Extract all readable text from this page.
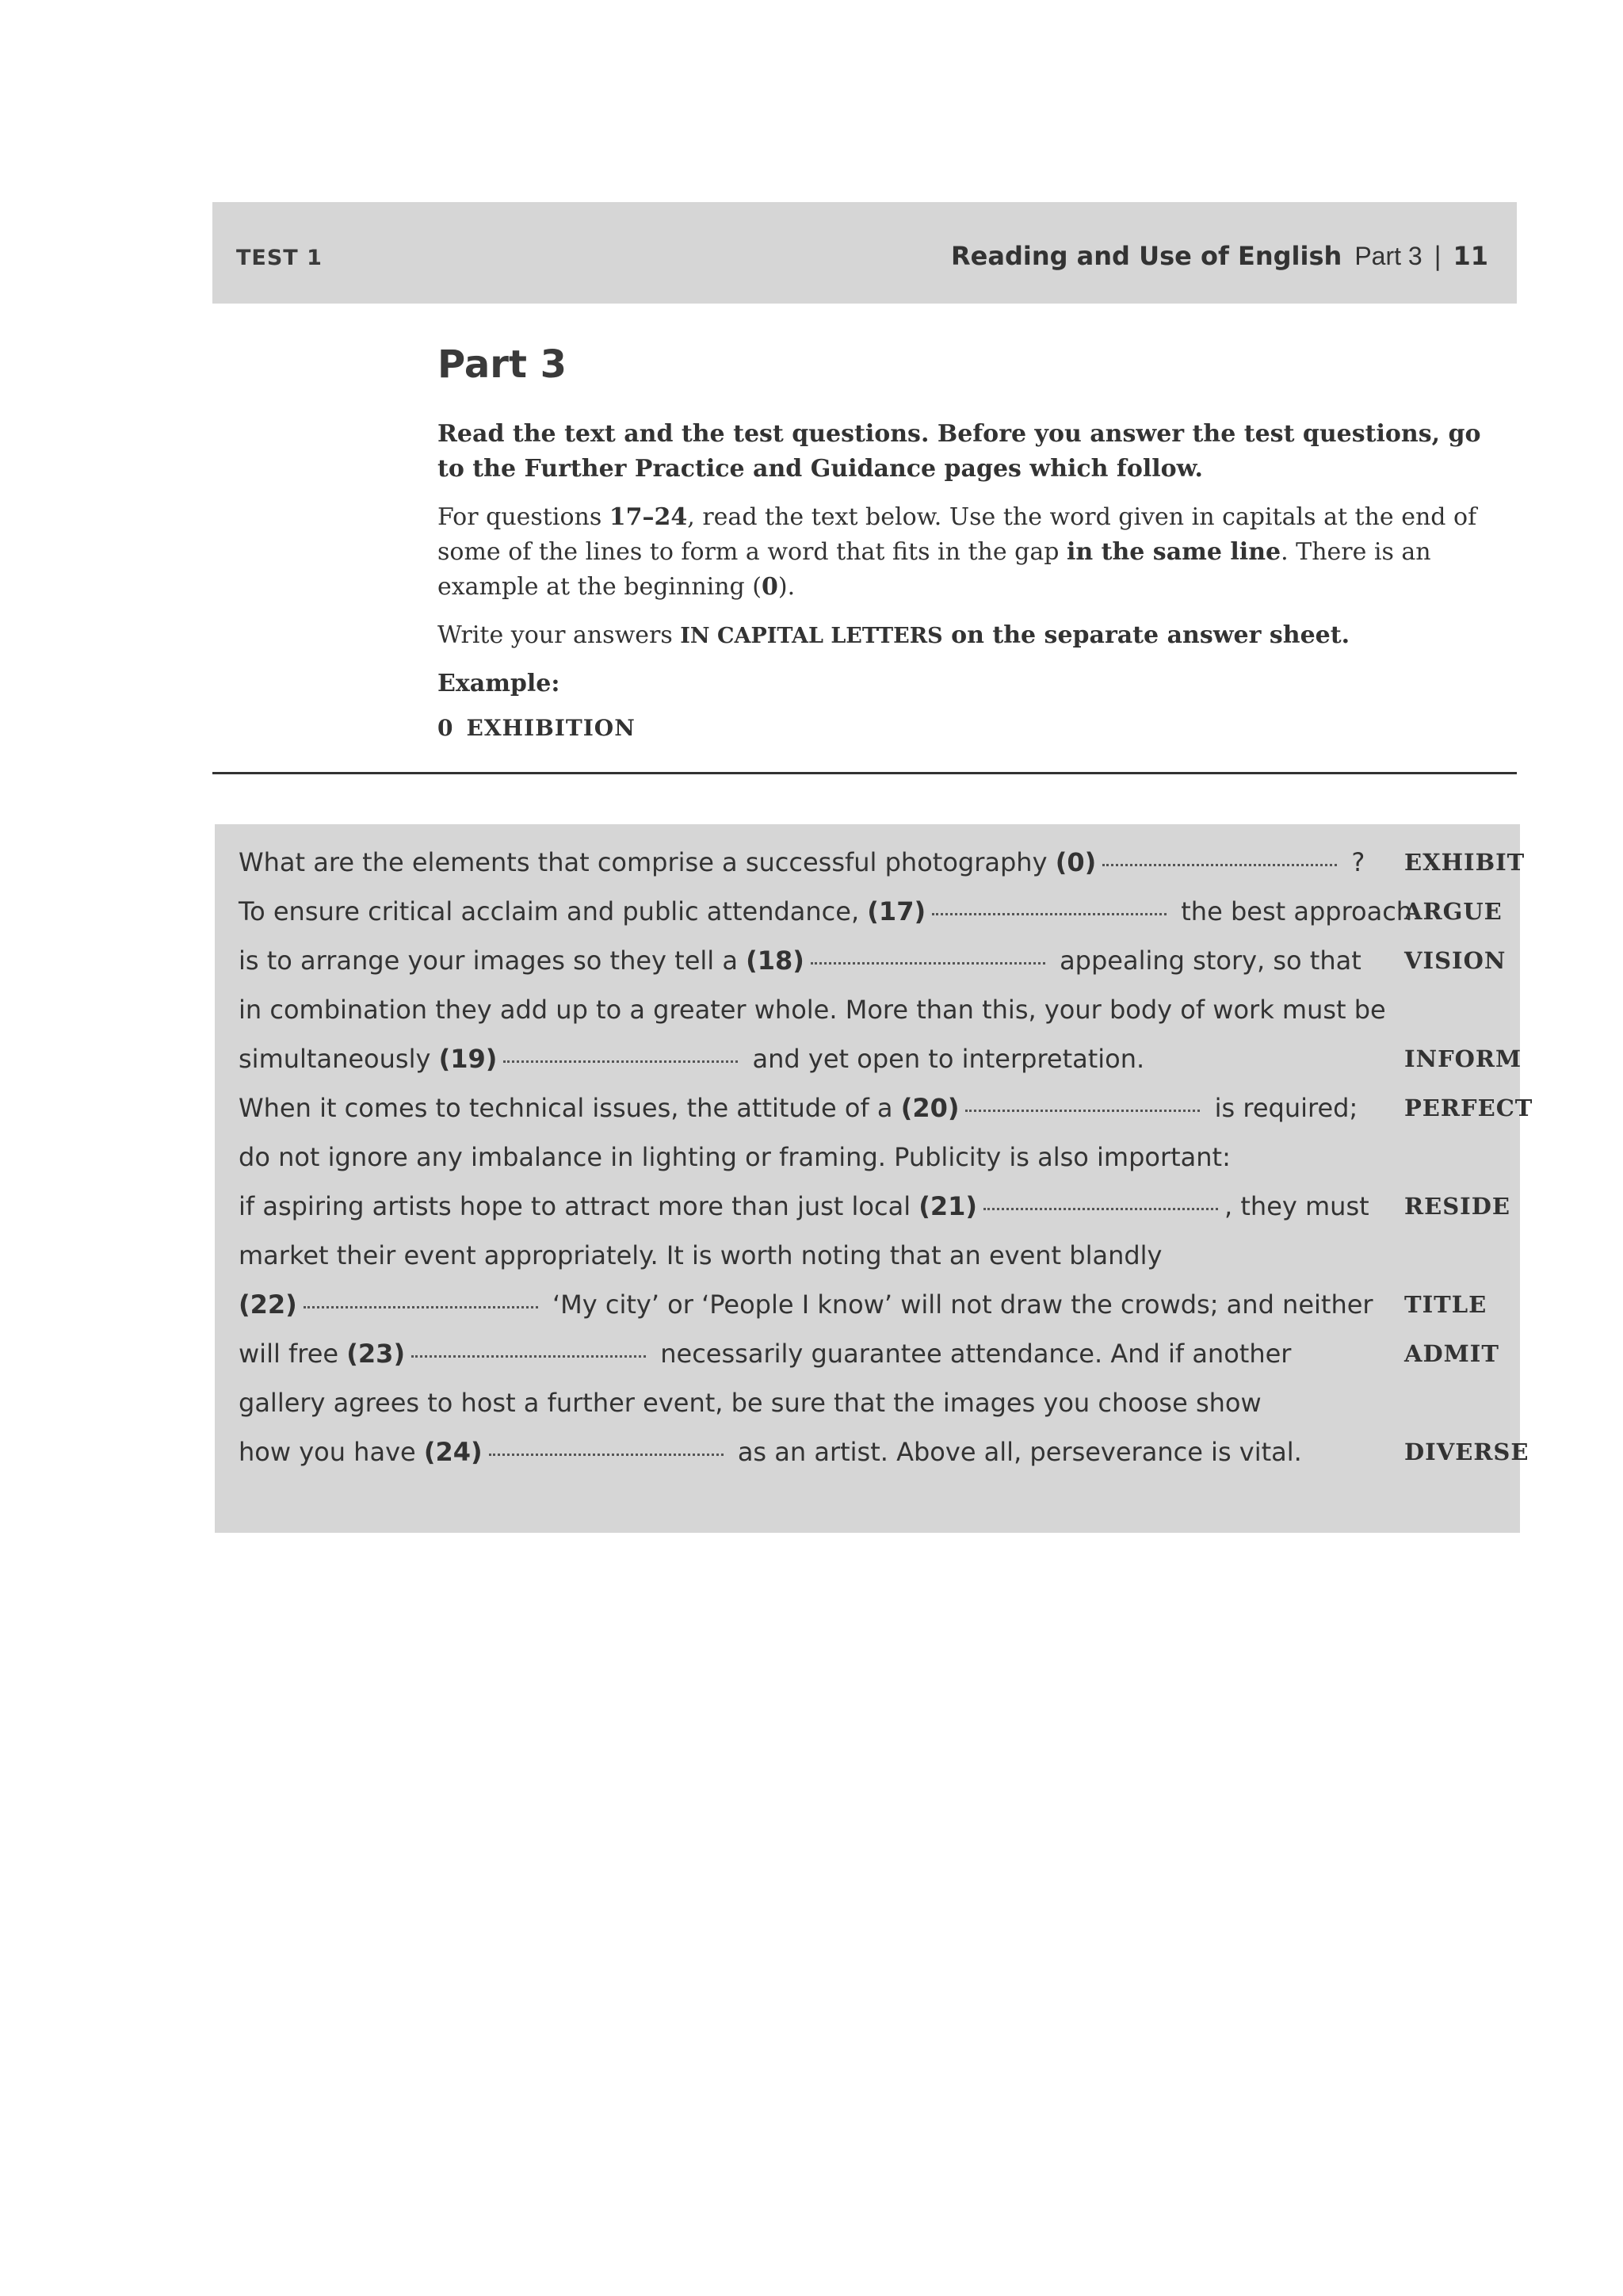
TEST 1	Reading and Use of English Part 3 | 11
Part 3

Read the text and the test questions. Before you answer the test questions, go to the Further Practice and Guidance pages which follow.

For questions 17–24, read the text below. Use the word given in capitals at the end of some of the lines to form a word that fits in the gap in the same line. There is an example at the beginning (0).

Write your answers IN CAPITAL LETTERS on the separate answer sheet.

Example:
0 EXHIBITION
What are the elements that comprise a successful photography (0)	? EXHIBIT
To ensure critical acclaim and public attendance, (17)	the best approach
ARGUE
is to arrange your images so they tell a (18)	appealing story, so that VISION
in combination they add up to a greater whole. More than this, your body of work must be
simultaneously (19)	and yet open to interpretation.	INFORM
When it comes to technical issues, the attitude of a (20)	is required; PERFECT
do not ignore any imbalance in lighting or framing. Publicity is also important:
if aspiring artists hope to attract more than just local (21)	, they must RESIDE
market their event appropriately. It is worth noting that an event blandly
(22)	‘My city’ or ‘People I know’ will not draw the crowds; and neither TITLE
will free (23)	necessarily guarantee attendance. And if another	ADMIT
gallery agrees to host a further event, be sure that the images you choose show
how you have (24)	as an artist. Above all, perseverance is vital.	DIVERSE
